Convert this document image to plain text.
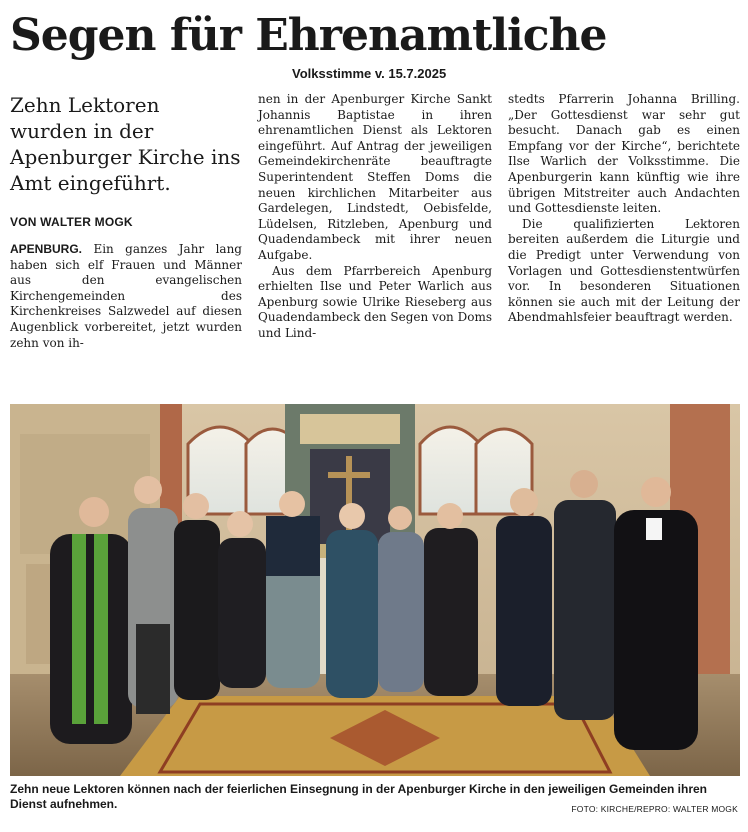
Segen für Ehrenamtliche
Volksstimme v. 15.7.2025
Zehn Lektoren wurden in der Apenburger Kirche ins Amt eingeführt.
VON WALTER MOGK

APENBURG. Ein ganzes Jahr lang haben sich elf Frauen und Männer aus den evangelischen Kirchengemeinden des Kirchenkreises Salzwedel auf diesen Augenblick vorbereitet, jetzt wurden zehn von ih-

nen in der Apenburger Kirche Sankt Johannis Baptistae in ihren ehrenamtlichen Dienst als Lektoren eingeführt. Auf Antrag der jeweiligen Gemeindekirchenräte beauftragte Superintendent Steffen Doms die neuen kirchlichen Mitarbeiter aus Gardelegen, Lindstedt, Oebisfelde, Lüdelsen, Ritzleben, Apenburg und Quadendambeck mit ihrer neuen Aufgabe.

Aus dem Pfarrbereich Apenburg erhielten Ilse und Peter Warlich aus Apenburg sowie Ulrike Rieseberg aus Quadendambeck den Segen von Doms und Lind-

stedts Pfarrerin Johanna Brilling. „Der Gottesdienst war sehr gut besucht. Danach gab es einen Empfang vor der Kirche“, berichtete Ilse Warlich der Volksstimme. Die Apenburgerin kann künftig wie ihre übrigen Mitstreiter auch Andachten und Gottesdienste leiten.

Die qualifizierten Lektoren bereiten außerdem die Liturgie und die Predigt unter Verwendung von Vorlagen und Gottesdienstentwürfen vor. In besonderen Situationen können sie auch mit der Leitung der Abendmahlsfeier beauftragt werden.

Zehn neue Lektoren können nach der feierlichen Einsegnung in der Apenburger Kirche in den jeweiligen Gemeinden ihren Dienst aufnehmen.	FOTO: KIRCHE/REPRO: WALTER MOGK
